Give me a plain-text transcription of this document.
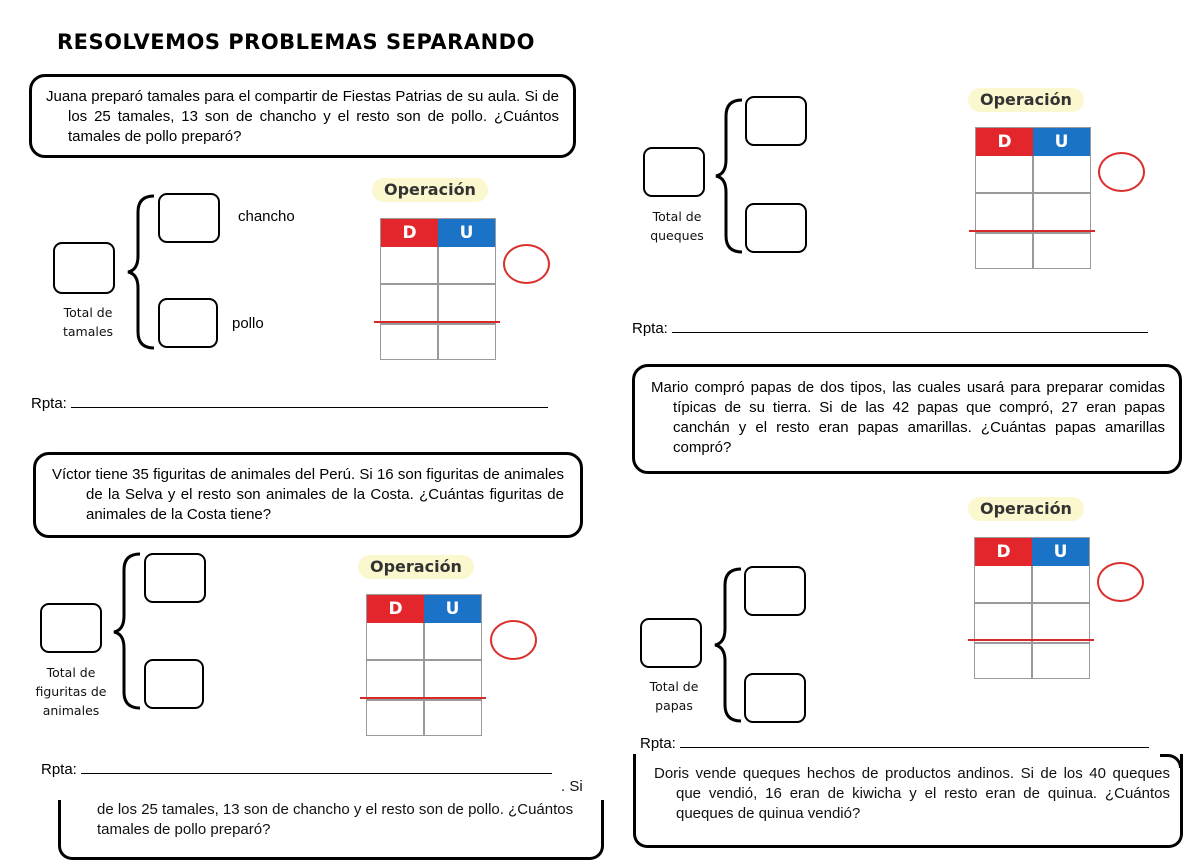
RESOLVEMOS PROBLEMAS SEPARANDO
Juana preparó tamales para el compartir de Fiestas Patrias de su aula. Si de los 25 tamales, 13 son de chancho y el resto son de pollo. ¿Cuántos tamales de pollo preparó?
Total de
tamales
chancho
pollo
Operación
D	U
Rpta:
Víctor tiene 35 figuritas de animales del Perú. Si 16 son figuritas de animales de la Selva y el resto son animales de la Costa. ¿Cuántas figuritas de animales de la Costa tiene?
Total de
figuritas de
animales
Operación
D	U
Rpta:
. Si
de los 25 tamales, 13 son de chancho y el resto son de pollo. ¿Cuántos tamales de pollo preparó?
Total de
queques
Operación
D	U
Rpta:
Mario compró papas de dos tipos, las cuales usará para preparar comidas típicas de su tierra. Si de las 42 papas que compró, 27 eran papas canchán y el resto eran papas amarillas. ¿Cuántas papas amarillas compró?
Operación
D	U
Total de
papas
Rpta:
Doris vende queques hechos de productos andinos. Si de los 40 queques que vendió, 16 eran de kiwicha y el resto eran de quinua. ¿Cuántos queques de quinua vendió?
